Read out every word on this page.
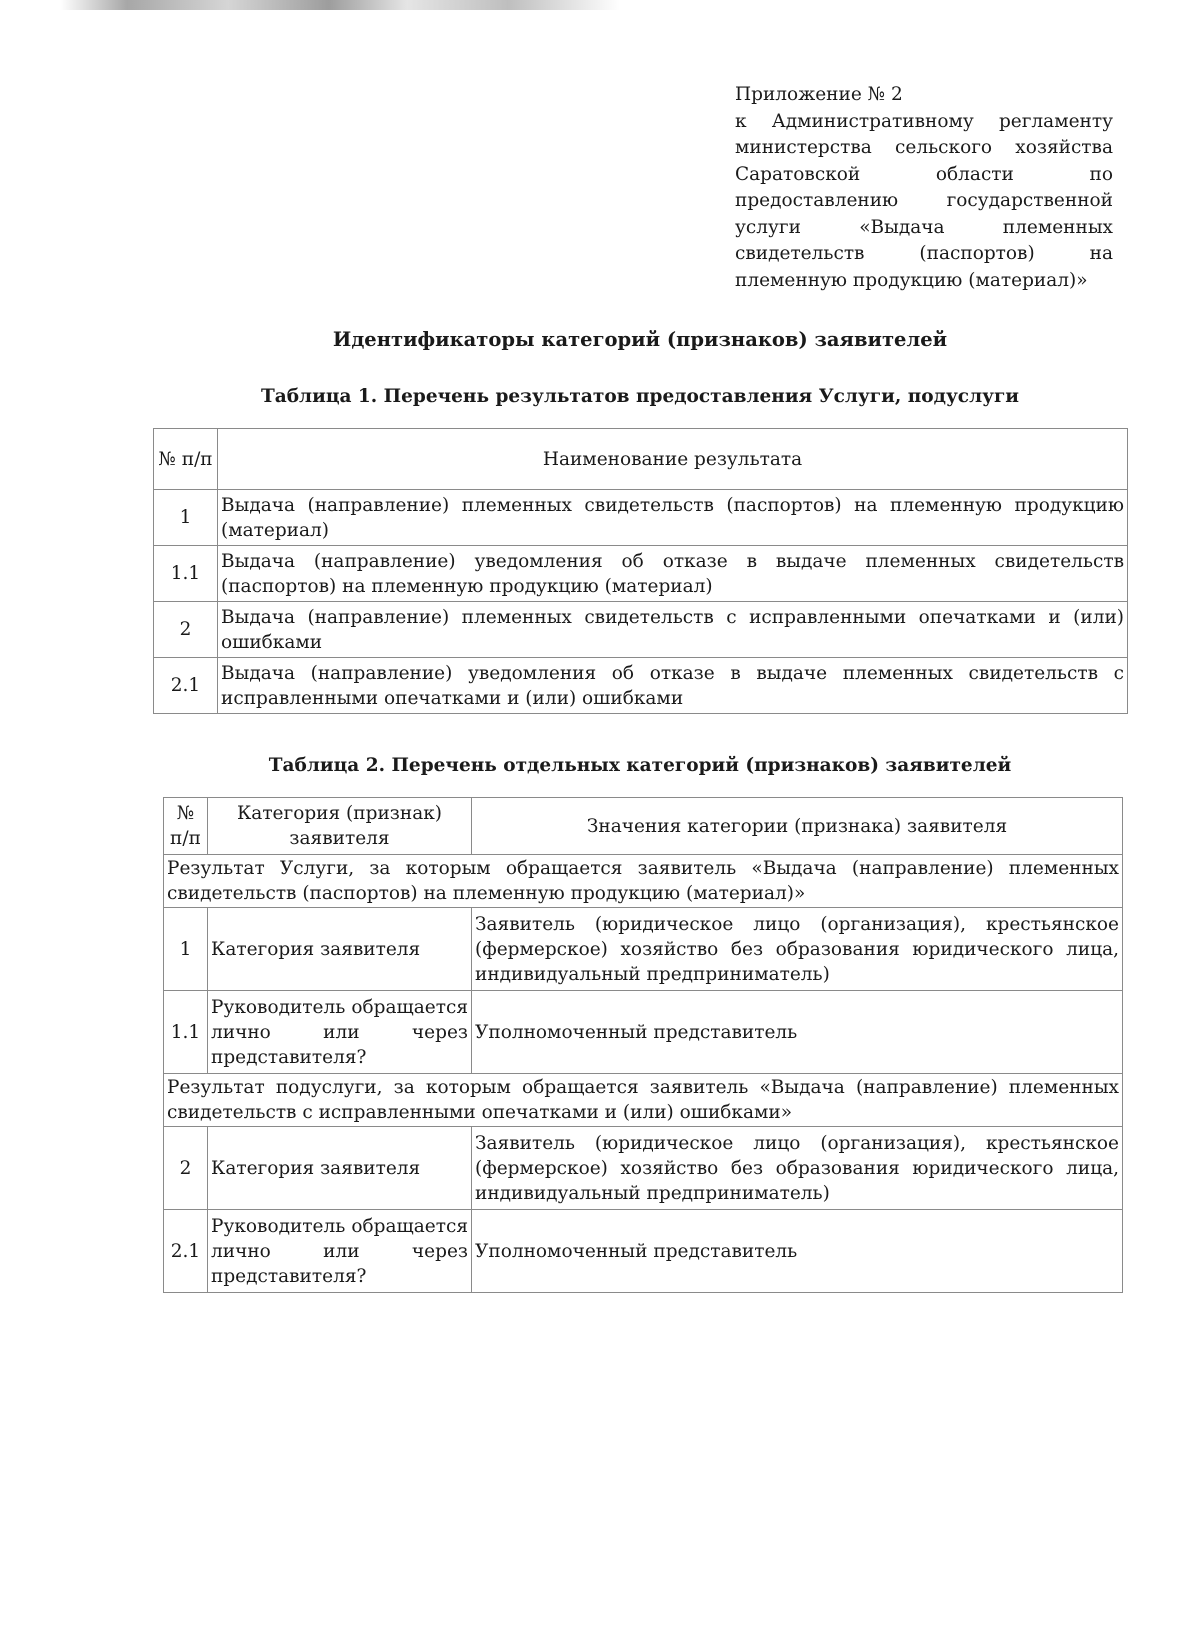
Приложение № 2
к Административному регламенту
министерства сельского хозяйства
Саратовской области по
предоставлению государственной
услуги «Выдача племенных
свидетельств (паспортов) на
племенную продукцию (материал)»
Идентификаторы категорий (признаков) заявителей
Таблица 1. Перечень результатов предоставления Услуги, подуслуги
№ п/п	Наименование результата
1	Выдача (направление) племенных свидетельств (паспортов) на племенную продукцию (материал)
1.1	Выдача (направление) уведомления об отказе в выдаче племенных свидетельств (паспортов) на племенную продукцию (материал)
2	Выдача (направление) племенных свидетельств с исправленными опечатками и (или) ошибками
2.1	Выдача (направление) уведомления об отказе в выдаче племенных свидетельств с исправленными опечатками и (или) ошибками
Таблица 2. Перечень отдельных категорий (признаков) заявителей
№ п/п	Категория (признак) заявителя	Значения категории (признака) заявителя
Результат Услуги, за которым обращается заявитель «Выдача (направление) племенных свидетельств (паспортов) на племенную продукцию (материал)»		
1	Категория заявителя	Заявитель (юридическое лицо (организация), крестьянское (фермерское) хозяйство без образования юридического лица, индивидуальный предприниматель)
1.1	Руководитель обращается лично или через представителя?	Уполномоченный представитель
Результат подуслуги, за которым обращается заявитель «Выдача (направление) племенных свидетельств с исправленными опечатками и (или) ошибками»		
2	Категория заявителя	Заявитель (юридическое лицо (организация), крестьянское (фермерское) хозяйство без образования юридического лица, индивидуальный предприниматель)
2.1	Руководитель обращается лично или через представителя?	Уполномоченный представитель
